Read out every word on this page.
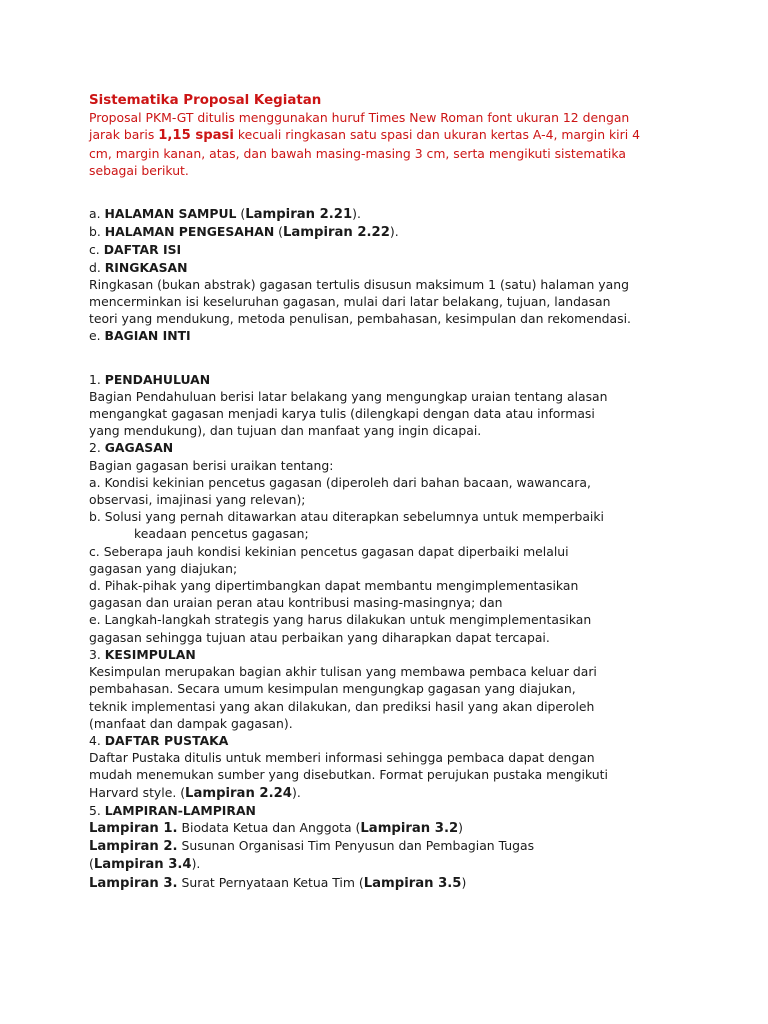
Sistematika Proposal Kegiatan
Proposal PKM-GT ditulis menggunakan huruf Times New Roman font ukuran 12 dengan
jarak baris 1,15 spasi kecuali ringkasan satu spasi dan ukuran kertas A-4, margin kiri 4
cm, margin kanan, atas, dan bawah masing-masing 3 cm, serta mengikuti sistematika
sebagai berikut.
a. HALAMAN SAMPUL (Lampiran 2.21).
b. HALAMAN PENGESAHAN (Lampiran 2.22).
c. DAFTAR ISI
d. RINGKASAN
Ringkasan (bukan abstrak) gagasan tertulis disusun maksimum 1 (satu) halaman yang
mencerminkan isi keseluruhan gagasan, mulai dari latar belakang, tujuan, landasan
teori yang mendukung, metoda penulisan, pembahasan, kesimpulan dan rekomendasi.
e. BAGIAN INTI
1. PENDAHULUAN
Bagian Pendahuluan berisi latar belakang yang mengungkap uraian tentang alasan
mengangkat gagasan menjadi karya tulis (dilengkapi dengan data atau informasi
yang mendukung), dan tujuan dan manfaat yang ingin dicapai.
2. GAGASAN
Bagian gagasan berisi uraikan tentang:
a. Kondisi kekinian pencetus gagasan (diperoleh dari bahan bacaan, wawancara,
observasi, imajinasi yang relevan);
b. Solusi yang pernah ditawarkan atau diterapkan sebelumnya untuk memperbaiki
keadaan pencetus gagasan;
c. Seberapa jauh kondisi kekinian pencetus gagasan dapat diperbaiki melalui
gagasan yang diajukan;
d. Pihak-pihak yang dipertimbangkan dapat membantu mengimplementasikan
gagasan dan uraian peran atau kontribusi masing-masingnya; dan
e. Langkah-langkah strategis yang harus dilakukan untuk mengimplementasikan
gagasan sehingga tujuan atau perbaikan yang diharapkan dapat tercapai.
3. KESIMPULAN
Kesimpulan merupakan bagian akhir tulisan yang membawa pembaca keluar dari
pembahasan. Secara umum kesimpulan mengungkap gagasan yang diajukan,
teknik implementasi yang akan dilakukan, dan prediksi hasil yang akan diperoleh
(manfaat dan dampak gagasan).
4. DAFTAR PUSTAKA
Daftar Pustaka ditulis untuk memberi informasi sehingga pembaca dapat dengan
mudah menemukan sumber yang disebutkan. Format perujukan pustaka mengikuti
Harvard style. (Lampiran 2.24).
5. LAMPIRAN-LAMPIRAN
Lampiran 1. Biodata Ketua dan Anggota (Lampiran 3.2)
Lampiran 2. Susunan Organisasi Tim Penyusun dan Pembagian Tugas
(Lampiran 3.4).
Lampiran 3. Surat Pernyataan Ketua Tim (Lampiran 3.5)
